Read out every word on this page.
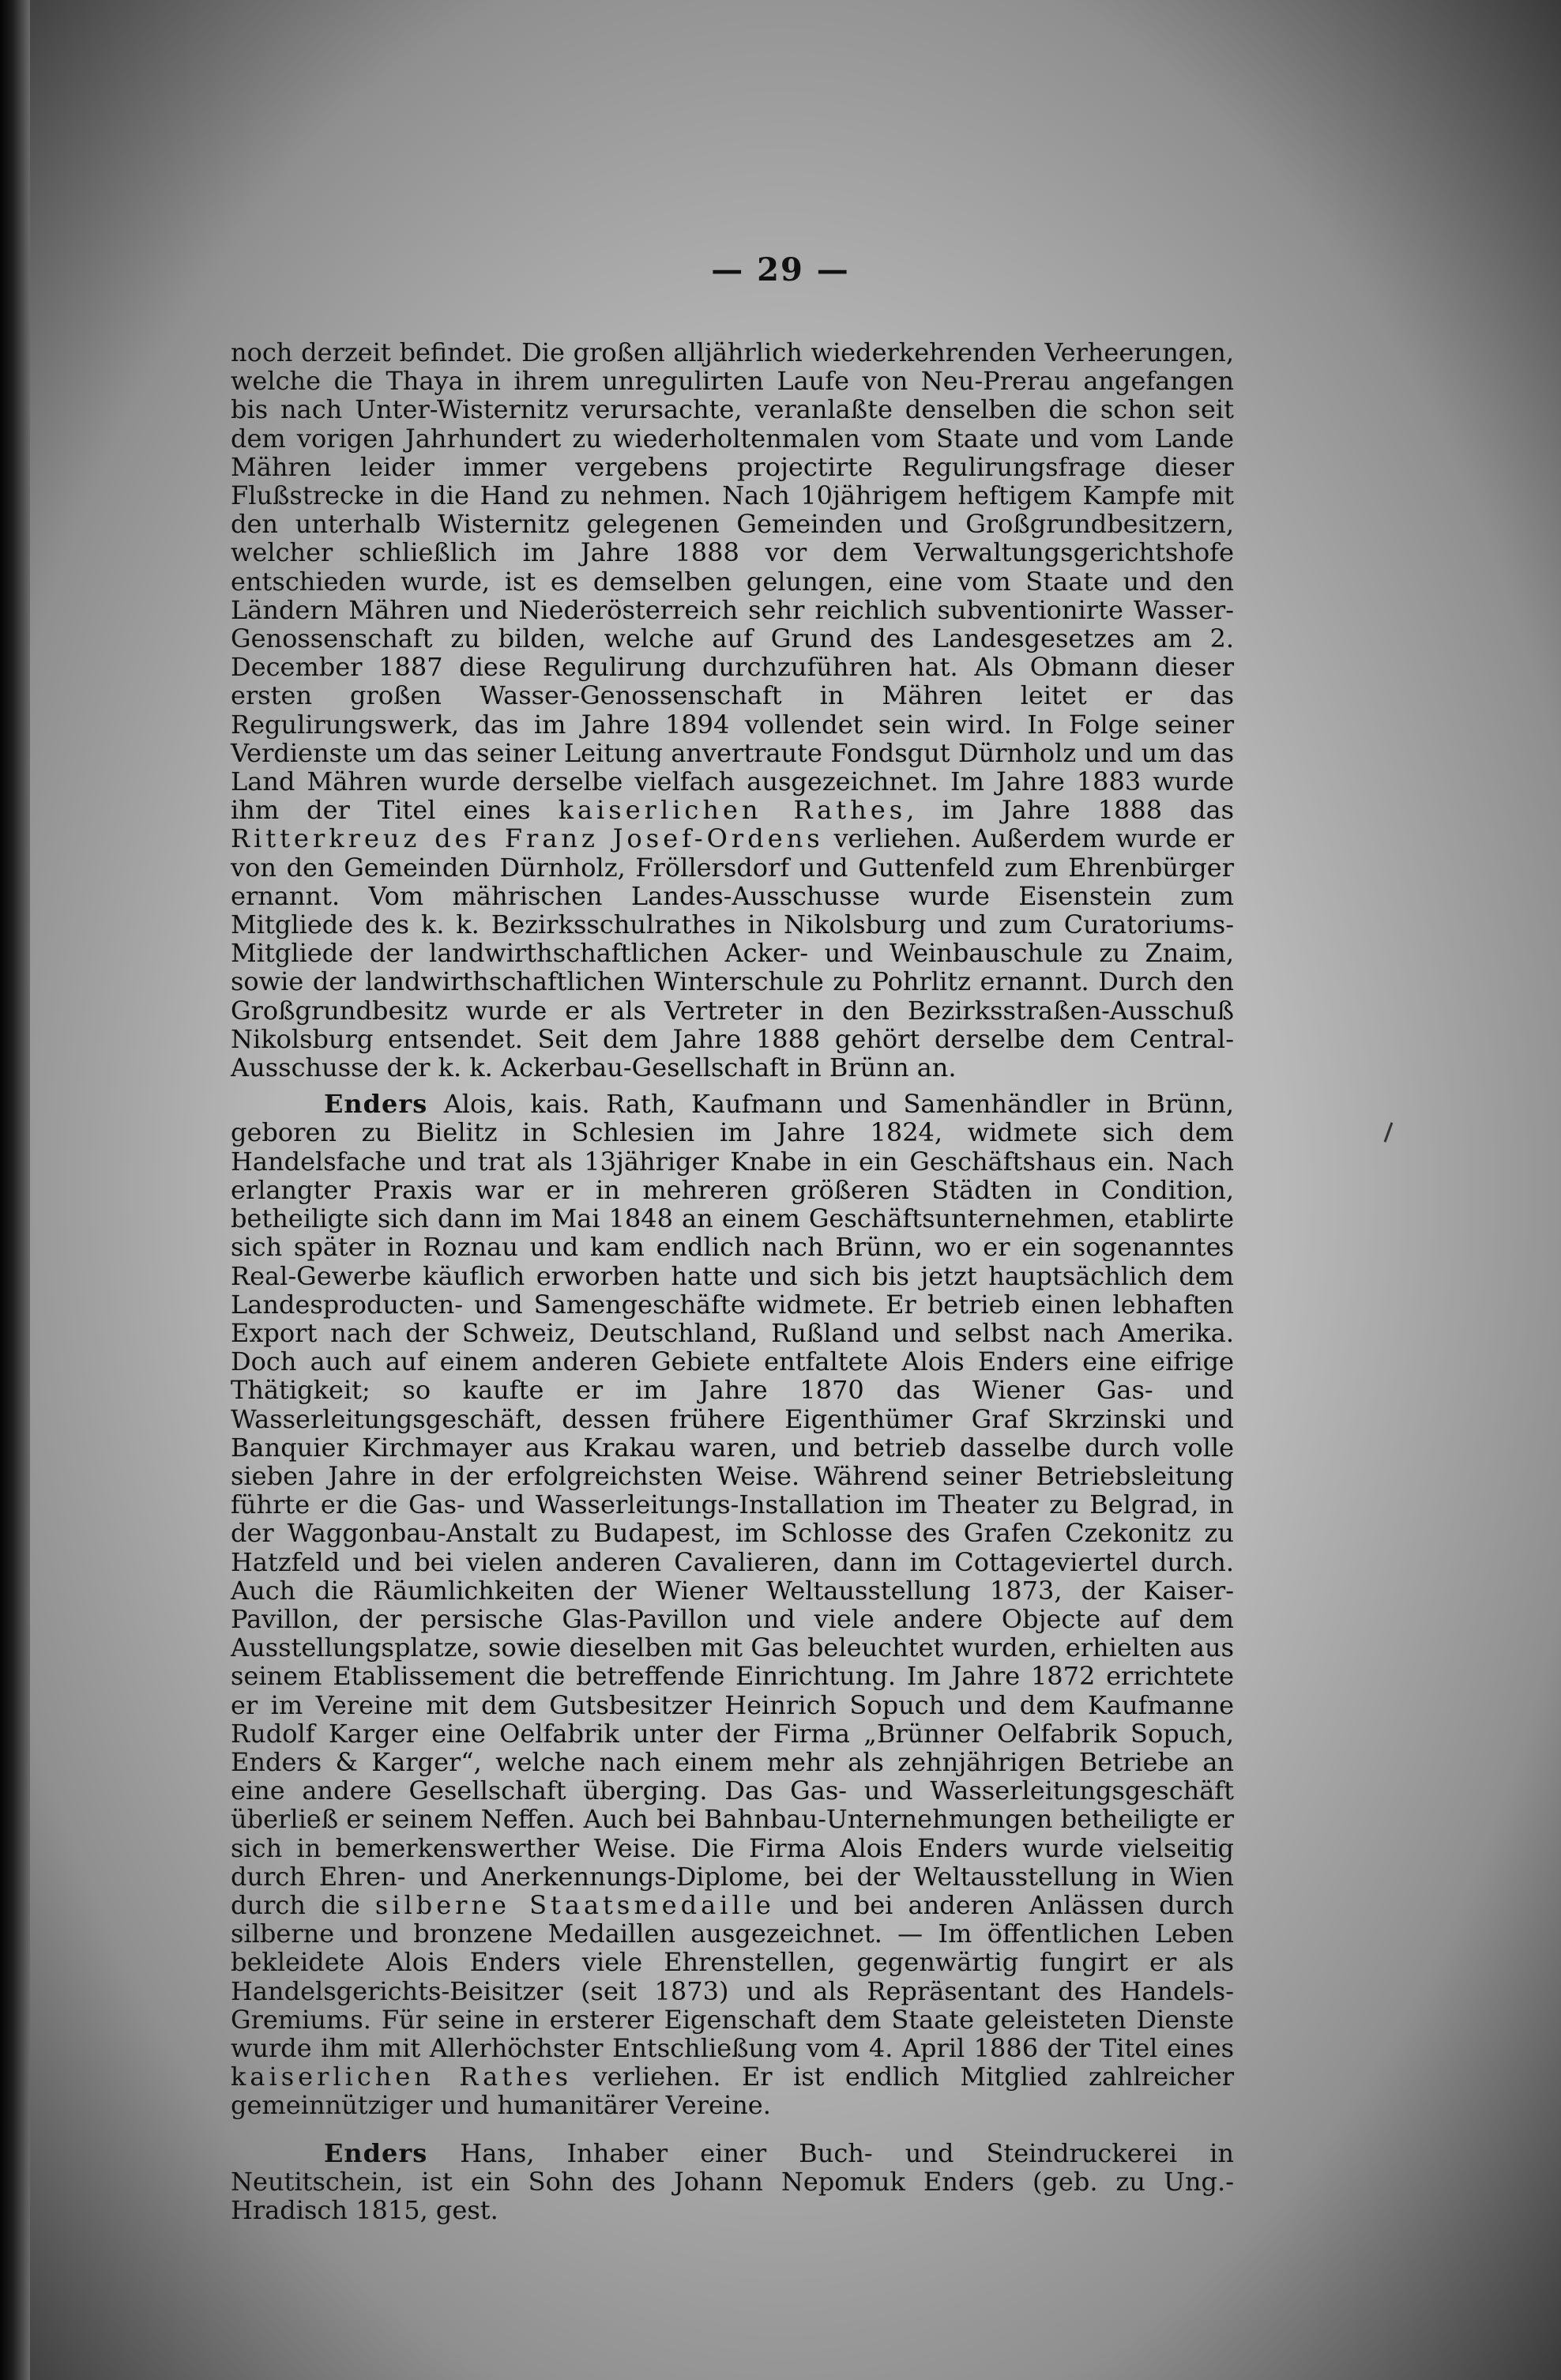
— 29 —

noch derzeit befindet. Die großen alljährlich wiederkehrenden Verheerungen, welche die Thaya in ihrem unregulirten Laufe von Neu-Prerau angefangen bis nach Unter-Wisternitz verursachte, veranlaßte denselben die schon seit dem vorigen Jahrhundert zu wiederholtenmalen vom Staate und vom Lande Mähren leider immer vergebens projectirte Regulirungsfrage dieser Flußstrecke in die Hand zu nehmen. Nach 10jährigem heftigem Kampfe mit den unterhalb Wisternitz gelegenen Gemeinden und Großgrundbesitzern, welcher schließlich im Jahre 1888 vor dem Verwaltungsgerichtshofe entschieden wurde, ist es demselben gelungen, eine vom Staate und den Ländern Mähren und Niederösterreich sehr reichlich subventionirte Wasser-Genossenschaft zu bilden, welche auf Grund des Landesgesetzes am 2. December 1887 diese Regulirung durchzuführen hat. Als Obmann dieser ersten großen Wasser-Genossenschaft in Mähren leitet er das Regulirungswerk, das im Jahre 1894 vollendet sein wird. In Folge seiner Verdienste um das seiner Leitung anvertraute Fondsgut Dürnholz und um das Land Mähren wurde derselbe vielfach ausgezeichnet. Im Jahre 1883 wurde ihm der Titel eines kaiserlichen Rathes, im Jahre 1888 das Ritterkreuz des Franz Josef-Ordens verliehen. Außerdem wurde er von den Gemeinden Dürnholz, Fröllersdorf und Guttenfeld zum Ehrenbürger ernannt. Vom mährischen Landes-Ausschusse wurde Eisenstein zum Mitgliede des k. k. Bezirksschulrathes in Nikolsburg und zum Curatoriums-Mitgliede der landwirthschaftlichen Acker- und Weinbauschule zu Znaim, sowie der landwirthschaftlichen Winterschule zu Pohrlitz ernannt. Durch den Großgrundbesitz wurde er als Vertreter in den Bezirksstraßen-Ausschuß Nikolsburg entsendet. Seit dem Jahre 1888 gehört derselbe dem Central-Ausschusse der k. k. Ackerbau-Gesellschaft in Brünn an.

Enders Alois, kais. Rath, Kaufmann und Samenhändler in Brünn, geboren zu Bielitz in Schlesien im Jahre 1824, widmete sich dem Handelsfache und trat als 13jähriger Knabe in ein Geschäftshaus ein. Nach erlangter Praxis war er in mehreren größeren Städten in Condition, betheiligte sich dann im Mai 1848 an einem Geschäftsunternehmen, etablirte sich später in Roznau und kam endlich nach Brünn, wo er ein sogenanntes Real-Gewerbe käuflich erworben hatte und sich bis jetzt hauptsächlich dem Landesproducten- und Samengeschäfte widmete. Er betrieb einen lebhaften Export nach der Schweiz, Deutschland, Rußland und selbst nach Amerika. Doch auch auf einem anderen Gebiete entfaltete Alois Enders eine eifrige Thätigkeit; so kaufte er im Jahre 1870 das Wiener Gas- und Wasserleitungsgeschäft, dessen frühere Eigenthümer Graf Skrzinski und Banquier Kirchmayer aus Krakau waren, und betrieb dasselbe durch volle sieben Jahre in der erfolgreichsten Weise. Während seiner Betriebsleitung führte er die Gas- und Wasserleitungs-Installation im Theater zu Belgrad, in der Waggonbau-Anstalt zu Budapest, im Schlosse des Grafen Czekonitz zu Hatzfeld und bei vielen anderen Cavalieren, dann im Cottageviertel durch. Auch die Räumlichkeiten der Wiener Weltausstellung 1873, der Kaiser-Pavillon, der persische Glas-Pavillon und viele andere Objecte auf dem Ausstellungsplatze, sowie dieselben mit Gas beleuchtet wurden, erhielten aus seinem Etablissement die betreffende Einrichtung. Im Jahre 1872 errichtete er im Vereine mit dem Gutsbesitzer Heinrich Sopuch und dem Kaufmanne Rudolf Karger eine Oelfabrik unter der Firma „Brünner Oelfabrik Sopuch, Enders & Karger“, welche nach einem mehr als zehnjährigen Betriebe an eine andere Gesellschaft überging. Das Gas- und Wasserleitungsgeschäft überließ er seinem Neffen. Auch bei Bahnbau-Unternehmungen betheiligte er sich in bemerkenswerther Weise. Die Firma Alois Enders wurde vielseitig durch Ehren- und Anerkennungs-Diplome, bei der Weltausstellung in Wien durch die silberne Staatsmedaille und bei anderen Anlässen durch silberne und bronzene Medaillen ausgezeichnet. — Im öffentlichen Leben bekleidete Alois Enders viele Ehrenstellen, gegenwärtig fungirt er als Handelsgerichts-Beisitzer (seit 1873) und als Repräsentant des Handels-Gremiums. Für seine in ersterer Eigenschaft dem Staate geleisteten Dienste wurde ihm mit Allerhöchster Entschließung vom 4. April 1886 der Titel eines kaiserlichen Rathes verliehen. Er ist endlich Mitglied zahlreicher gemeinnütziger und humanitärer Vereine.

Enders Hans, Inhaber einer Buch- und Steindruckerei in Neutitschein, ist ein Sohn des Johann Nepomuk Enders (geb. zu Ung.-Hradisch 1815, gest.
